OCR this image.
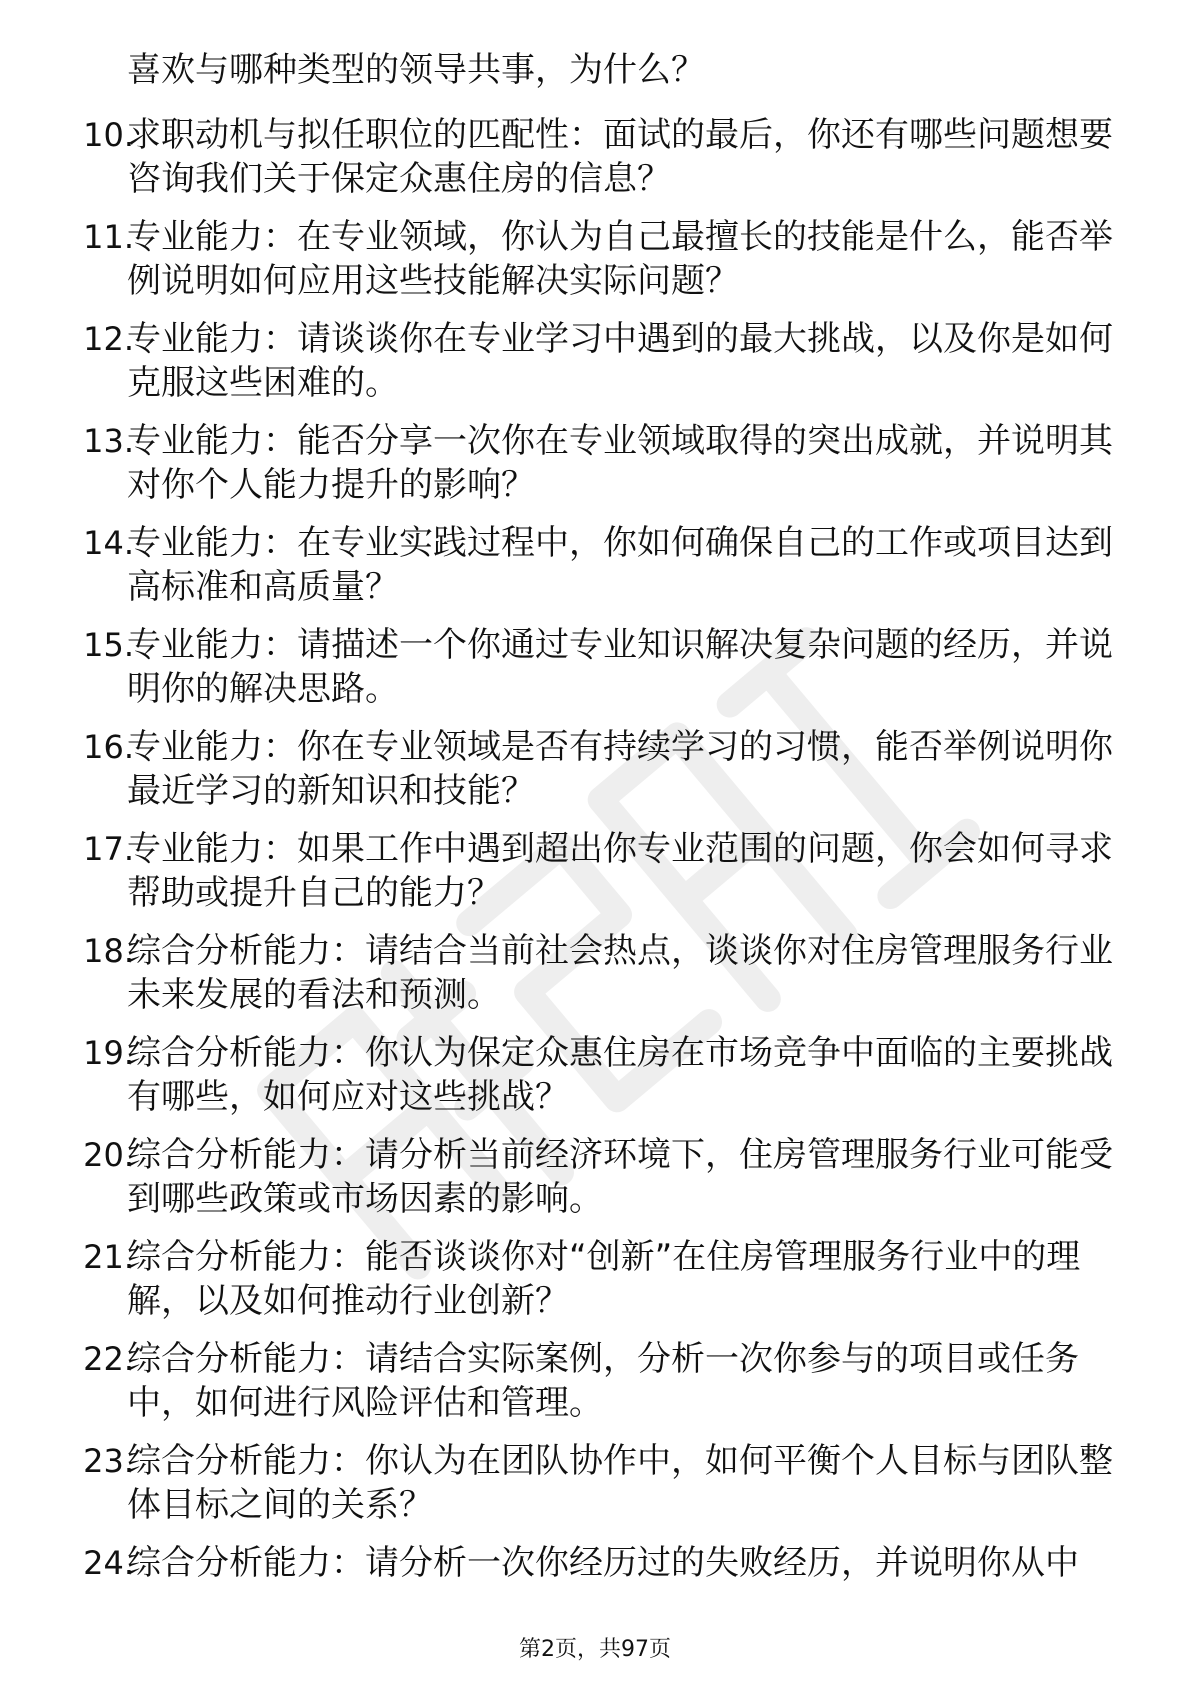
喜欢与哪种类型的领导共事，为什么？

10.
求职动机与拟任职位的匹配性：面试的最后，你还有哪些问题想要咨询我们关于保定众惠住房的信息？
11.
专业能力：在专业领域，你认为自己最擅长的技能是什么，能否举例说明如何应用这些技能解决实际问题？
12.
专业能力：请谈谈你在专业学习中遇到的最大挑战，以及你是如何克服这些困难的。
13.
专业能力：能否分享一次你在专业领域取得的突出成就，并说明其对你个人能力提升的影响？
14.
专业能力：在专业实践过程中，你如何确保自己的工作或项目达到高标准和高质量？
15.
专业能力：请描述一个你通过专业知识解决复杂问题的经历，并说明你的解决思路。
16.
专业能力：你在专业领域是否有持续学习的习惯，能否举例说明你最近学习的新知识和技能？
17.
专业能力：如果工作中遇到超出你专业范围的问题，你会如何寻求帮助或提升自己的能力？
18.
综合分析能力：请结合当前社会热点，谈谈你对住房管理服务行业未来发展的看法和预测。
19.
综合分析能力：你认为保定众惠住房在市场竞争中面临的主要挑战有哪些，如何应对这些挑战？
20.
综合分析能力：请分析当前经济环境下，住房管理服务行业可能受到哪些政策或市场因素的影响。
21.
综合分析能力：能否谈谈你对“创新”在住房管理服务行业中的理解，以及如何推动行业创新？
22.
综合分析能力：请结合实际案例，分析一次你参与的项目或任务中，如何进行风险评估和管理。
23.
综合分析能力：你认为在团队协作中，如何平衡个人目标与团队整体目标之间的关系？
24.
综合分析能力：请分析一次你经历过的失败经历，并说明你从中
第2页，共97页
